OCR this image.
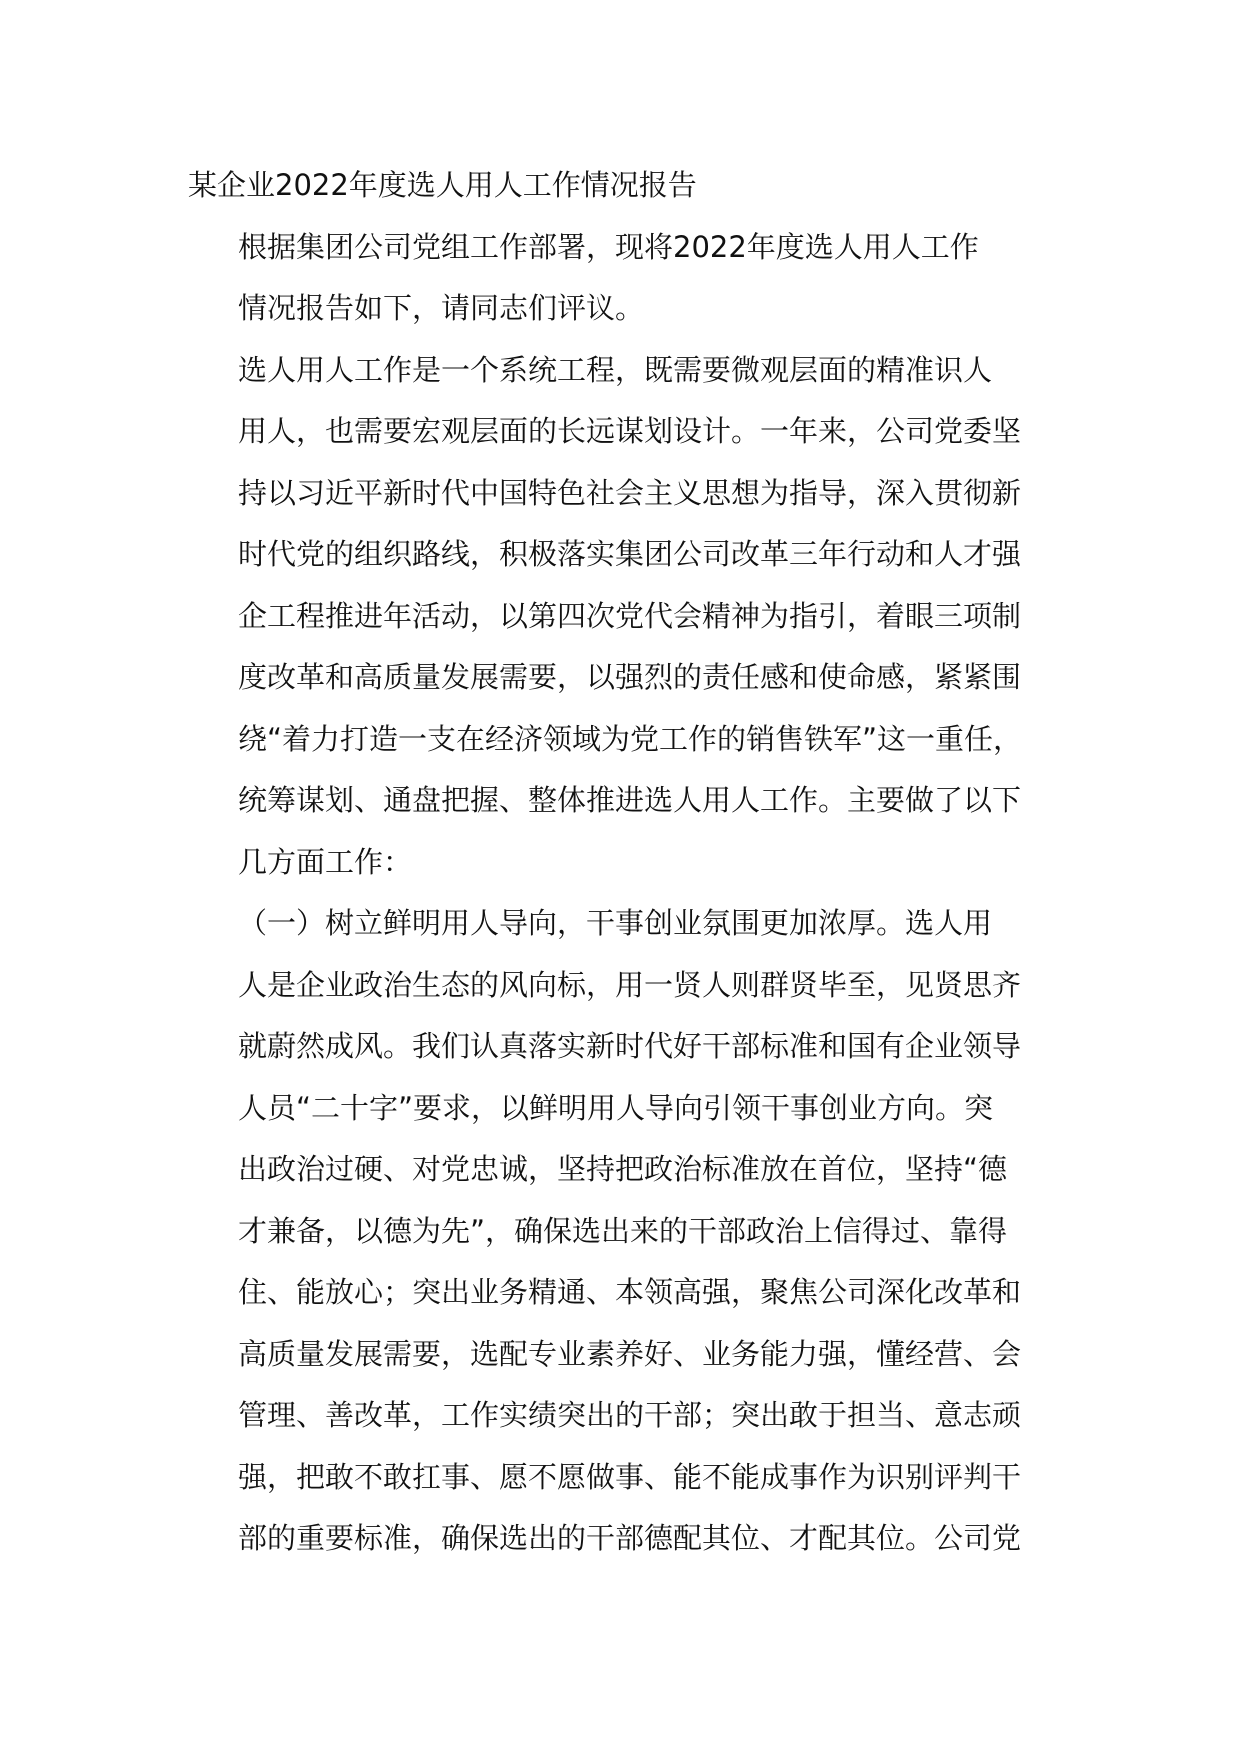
某企业2022年度选人用人工作情况报告

根据集团公司党组工作部署，现将2022年度选人用人工作
情况报告如下，请同志们评议。

选人用人工作是一个系统工程，既需要微观层面的精准识人
用人，也需要宏观层面的长远谋划设计。一年来，公司党委坚
持以习近平新时代中国特色社会主义思想为指导，深入贯彻新
时代党的组织路线，积极落实集团公司改革三年行动和人才强
企工程推进年活动，以第四次党代会精神为指引，着眼三项制
度改革和高质量发展需要，以强烈的责任感和使命感，紧紧围
绕“着力打造一支在经济领域为党工作的销售铁军”这一重任，
统筹谋划、通盘把握、整体推进选人用人工作。主要做了以下
几方面工作：

（一）树立鲜明用人导向，干事创业氛围更加浓厚。选人用
人是企业政治生态的风向标，用一贤人则群贤毕至，见贤思齐
就蔚然成风。我们认真落实新时代好干部标准和国有企业领导
人员“二十字”要求，以鲜明用人导向引领干事创业方向。突
出政治过硬、对党忠诚，坚持把政治标准放在首位，坚持“德
才兼备，以德为先”，确保选出来的干部政治上信得过、靠得
住、能放心；突出业务精通、本领高强，聚焦公司深化改革和
高质量发展需要，选配专业素养好、业务能力强，懂经营、会
管理、善改革，工作实绩突出的干部；突出敢于担当、意志顽
强，把敢不敢扛事、愿不愿做事、能不能成事作为识别评判干
部的重要标准，确保选出的干部德配其位、才配其位。公司党
